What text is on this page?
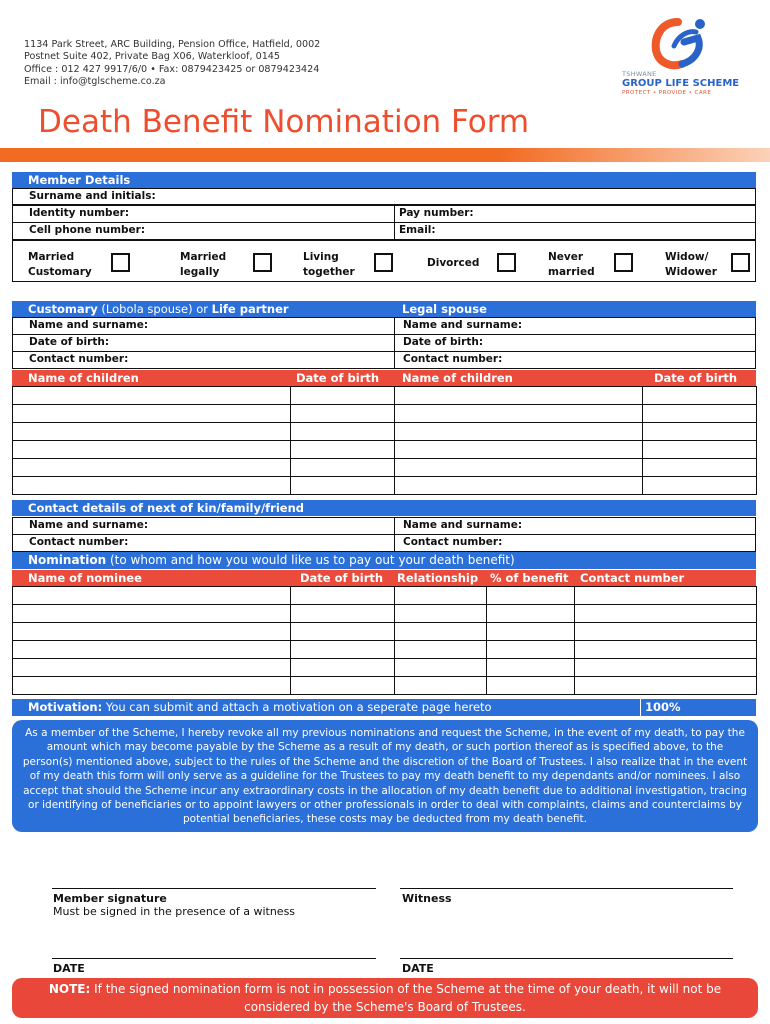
1134 Park Street, ARC Building, Pension Office, Hatfield, 0002
Postnet Suite 402, Private Bag X06, Waterkloof, 0145
Office : 012 427 9917/6/0 • Fax: 0879423425 or 0879423424
Email : info@tglscheme.co.za
TSHWANE
GROUP LIFE SCHEME
PROTECT • PROVIDE • CARE
Death Benefit Nomination Form
Member Details
Surname and initials:
Identity number:	Pay number:
Cell phone number:	Email:
Married
Customary
Married
legally
Living
together
Divorced	Never
married
Widow/
Widower
Customary (Lobola spouse) or Life partner	Legal spouse
Name and surname:	Name and surname:
Date of birth:	Date of birth:
Contact number:	Contact number:
Name of children	Date of birth	Name of children	Date of birth
Contact details of next of kin/family/friend
Name and surname:	Name and surname:
Contact number:	Contact number:
Nomination (to whom and how you would like us to pay out your death benefit)
Name of nominee	Date of birth	Relationship	% of benefit	Contact number
Motivation: You can submit and attach a motivation on a seperate page hereto	100%
As a member of the Scheme, I hereby revoke all my previous nominations and request the Scheme, in the event of my death, to pay the amount which may become payable by the Scheme as a result of my death, or such portion thereof as is specified above, to the person(s) mentioned above, subject to the rules of the Scheme and the discretion of the Board of Trustees. I also realize that in the event of my death this form will only serve as a guideline for the Trustees to pay my death benefit to my dependants and/or nominees. I also accept that should the Scheme incur any extraordinary costs in the allocation of my death benefit due to additional investigation, tracing or identifying of beneficiaries or to appoint lawyers or other professionals in order to deal with complaints, claims and counterclaims by potential beneficiaries, these costs may be deducted from my death benefit.
Member signature
Must be signed in the presence of a witness
Witness
DATE	DATE
NOTE: If the signed nomination form is not in possession of the Scheme at the time of your death, it will not be
considered by the Scheme's Board of Trustees.
